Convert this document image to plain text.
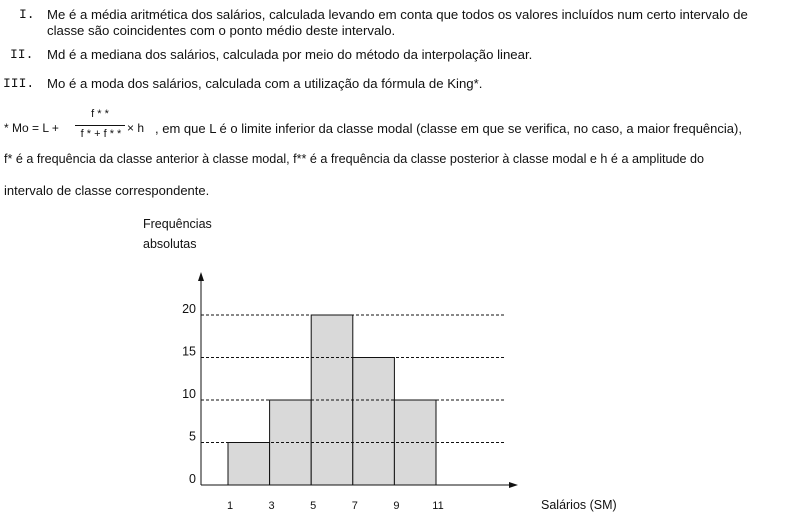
I. Me é a média aritmética dos salários, calculada levando em conta que todos os valores incluídos num certo intervalo de
classe são coincidentes com o ponto médio deste intervalo.
II. Md é a mediana dos salários, calculada por meio do método da interpolação linear.
III. Mo é a moda dos salários, calculada com a utilização da fórmula de King*.
* Mo = L +
f * *
f * + f * * × h , em que L é o limite inferior da classe modal (classe em que se verifica, no caso, a maior frequência),
f* é a frequência da classe anterior à classe modal, f** é a frequência da classe posterior à classe modal e h é a amplitude do
intervalo de classe correspondente.
Frequências
absolutas
0
5
10
15
20
1	3	5	7	9	11	Salários (SM)
